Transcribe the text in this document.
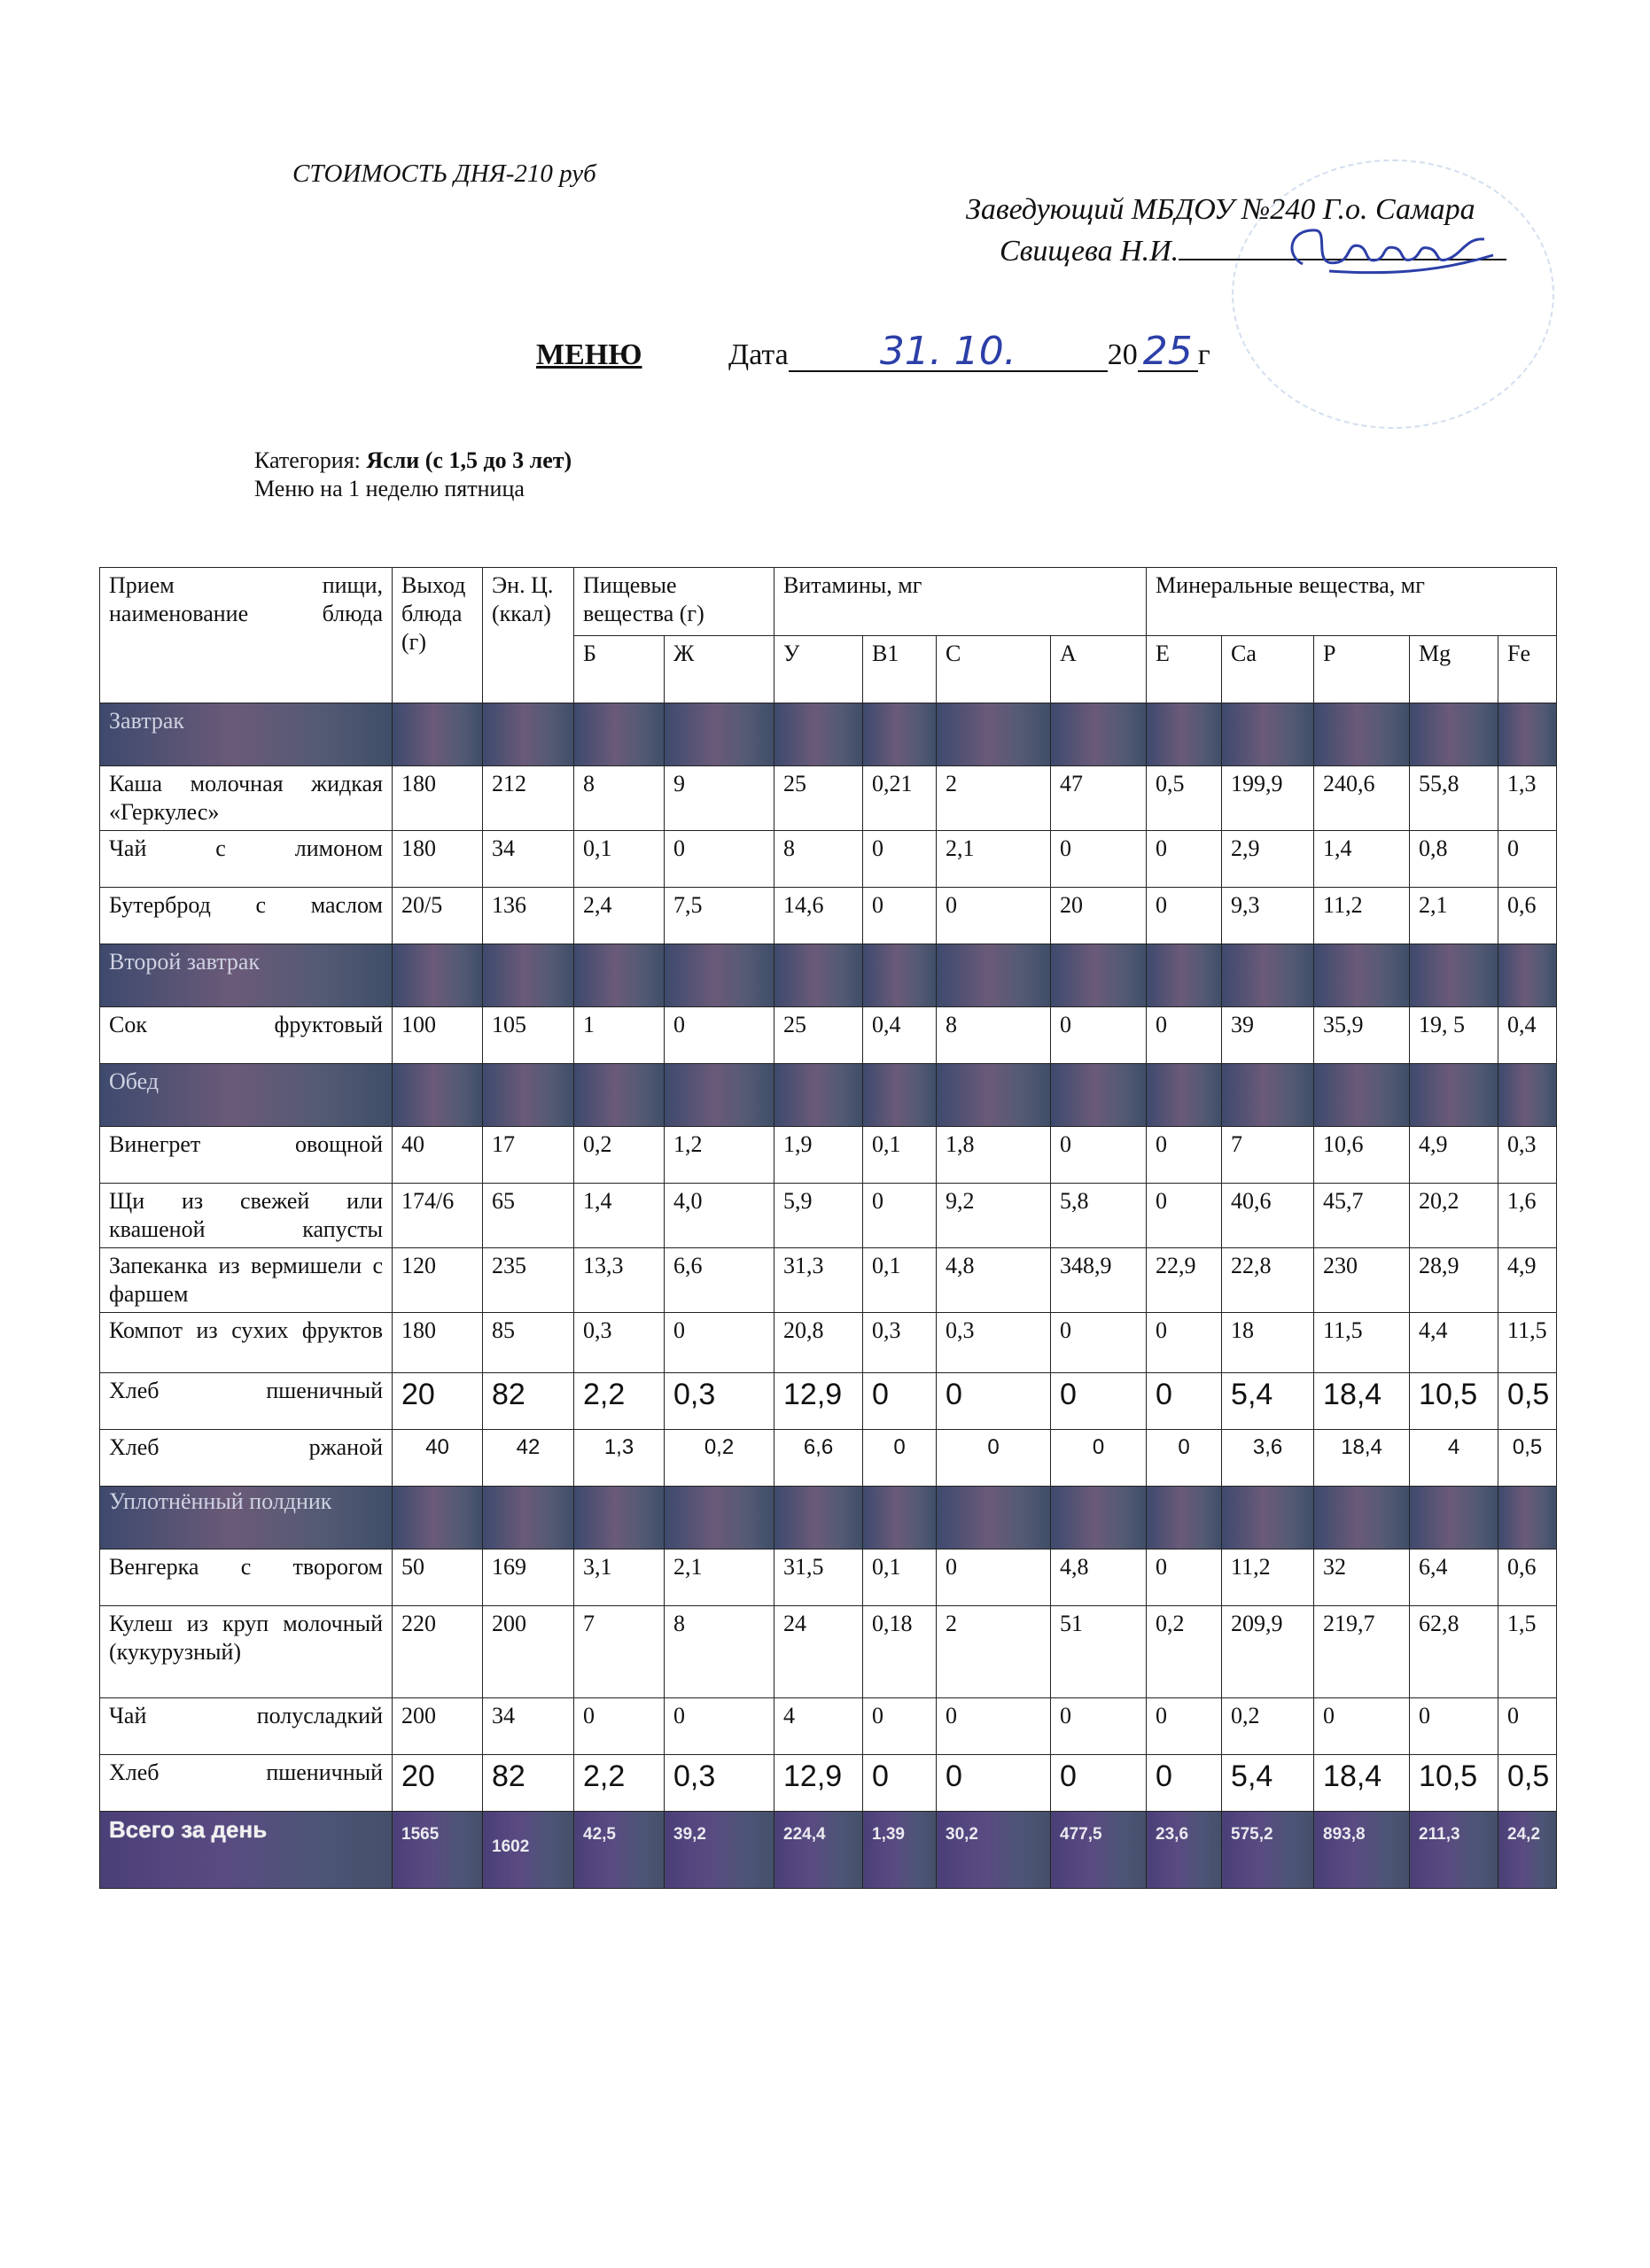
СТОИМОСТЬ ДНЯ-210 руб
Заведующий МБДОУ №240 Г.о. Самара
Свищева Н.И.
МЕНЮ	Дата 31. 10.	20 25 г
Категория: Ясли (с 1,5 до 3 лет)
Меню на 1 неделю пятница
Прием пищи, наименование блюда	Выход блюда (г)	Эн. Ц. (ккал)	Пищевые вещества (г)		Витамины, мг				Минеральные вещества, мг				
			Б	Ж	У	B1	C	A	E	Ca	P	Mg	Fe
Завтрак													
Каша молочная жидкая «Геркулес»	180	212	8	9	25	0,21	2	47	0,5	199,9	240,6	55,8	1,3
Чай с лимоном	180	34	0,1	0	8	0	2,1	0	0	2,9	1,4	0,8	0
Бутерброд с маслом	20/5	136	2,4	7,5	14,6	0	0	20	0	9,3	11,2	2,1	0,6
Второй завтрак													
Сок фруктовый	100	105	1	0	25	0,4	8	0	0	39	35,9	19, 5	0,4
Обед													
Винегрет овощной	40	17	0,2	1,2	1,9	0,1	1,8	0	0	7	10,6	4,9	0,3
Щи из свежей или квашеной капусты	174/6	65	1,4	4,0	5,9	0	9,2	5,8	0	40,6	45,7	20,2	1,6
Запеканка из вермишели с фаршем	120	235	13,3	6,6	31,3	0,1	4,8	348,9	22,9	22,8	230	28,9	4,9
Компот из сухих фруктов	180	85	0,3	0	20,8	0,3	0,3	0	0	18	11,5	4,4	11,5
Хлеб пшеничный	20	82	2,2	0,3	12,9	0	0	0	0	5,4	18,4	10,5	0,5
Хлеб ржаной	40	42	1,3	0,2	6,6	0	0	0	0	3,6	18,4	4	0,5
Уплотнённый полдник													
Венгерка с творогом	50	169	3,1	2,1	31,5	0,1	0	4,8	0	11,2	32	6,4	0,6
Кулеш из круп молочный (кукурузный)	220	200	7	8	24	0,18	2	51	0,2	209,9	219,7	62,8	1,5
Чай полусладкий	200	34	0	0	4	0	0	0	0	0,2	0	0	0
Хлеб пшеничный	20	82	2,2	0,3	12,9	0	0	0	0	5,4	18,4	10,5	0,5
Всего за день	1565	1602	42,5	39,2	224,4	1,39	30,2	477,5	23,6	575,2	893,8	211,3	24,2
